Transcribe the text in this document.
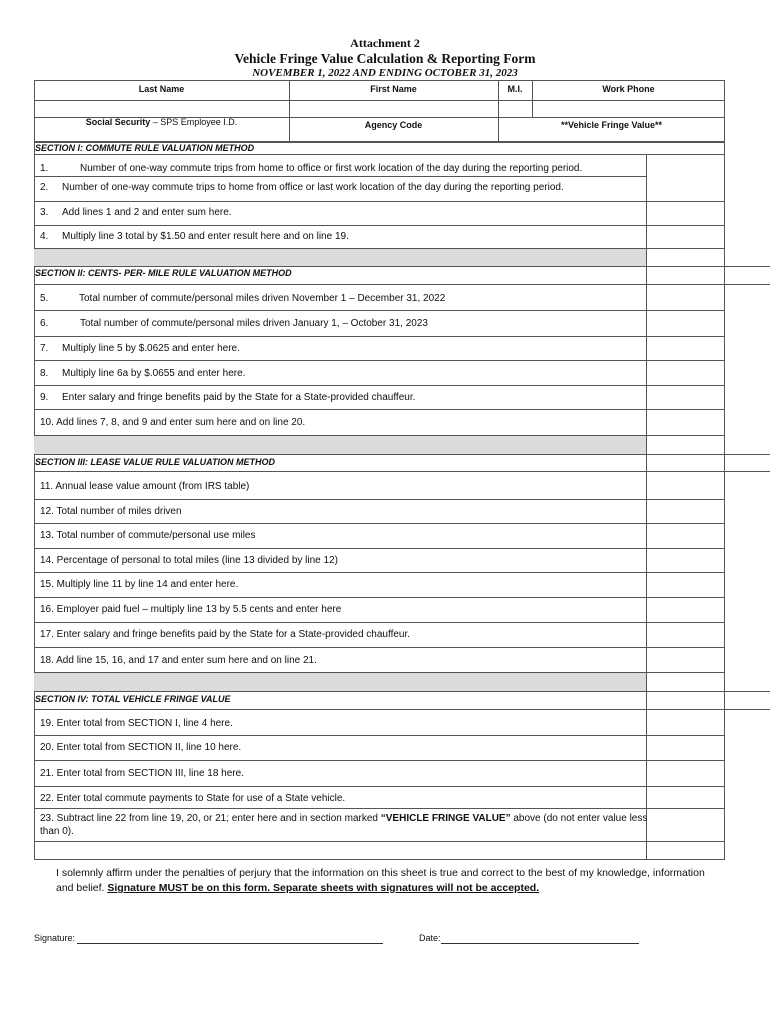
Attachment 2
Vehicle Fringe Value Calculation & Reporting Form
NOVEMBER 1, 2022 AND ENDING OCTOBER 31, 2023
Last Name	First Name	M.I.	Work Phone
Social Security – SPS Employee I.D.	Agency Code	**Vehicle Fringe Value**
SECTION I: COMMUTE RULE VALUATION METHOD
1.	Number of one-way commute trips from home to office or first work location of the day during the reporting period.
2. Number of one-way commute trips to home from office or last work location of the day during the reporting period.
3. Add lines 1 and 2 and enter sum here.
4. Multiply line 3 total by $1.50 and enter result here and on line 19.
SECTION II: CENTS- PER- MILE RULE VALUATION METHOD
5.	Total number of commute/personal miles driven November 1 – December 31, 2022
6.	Total number of commute/personal miles driven January 1, – October 31, 2023
7. Multiply line 5 by $.0625 and enter here.
8. Multiply line 6a by $.0655 and enter here.
9. Enter salary and fringe benefits paid by the State for a State-provided chauffeur.
10. Add lines 7, 8, and 9 and enter sum here and on line 20.
SECTION III: LEASE VALUE RULE VALUATION METHOD
11. Annual lease value amount (from IRS table)
12. Total number of miles driven
13. Total number of commute/personal use miles
14. Percentage of personal to total miles (line 13 divided by line 12)
15. Multiply line 11 by line 14 and enter here.
16. Employer paid fuel – multiply line 13 by 5.5 cents and enter here
17. Enter salary and fringe benefits paid by the State for a State-provided chauffeur.
18. Add line 15, 16, and 17 and enter sum here and on line 21.
SECTION IV: TOTAL VEHICLE FRINGE VALUE
19. Enter total from SECTION I, line 4 here.
20. Enter total from SECTION II, line 10 here.
21. Enter total from SECTION III, line 18 here.
22. Enter total commute payments to State for use of a State vehicle.
23. Subtract line 22 from line 19, 20, or 21; enter here and in section marked “VEHICLE FRINGE VALUE” above (do not enter value less than 0).
I solemnly affirm under the penalties of perjury that the information on this sheet is true and correct to the best of my knowledge, information and belief. Signature MUST be on this form. Separate sheets with signatures will not be accepted.
Signature:	Date:
